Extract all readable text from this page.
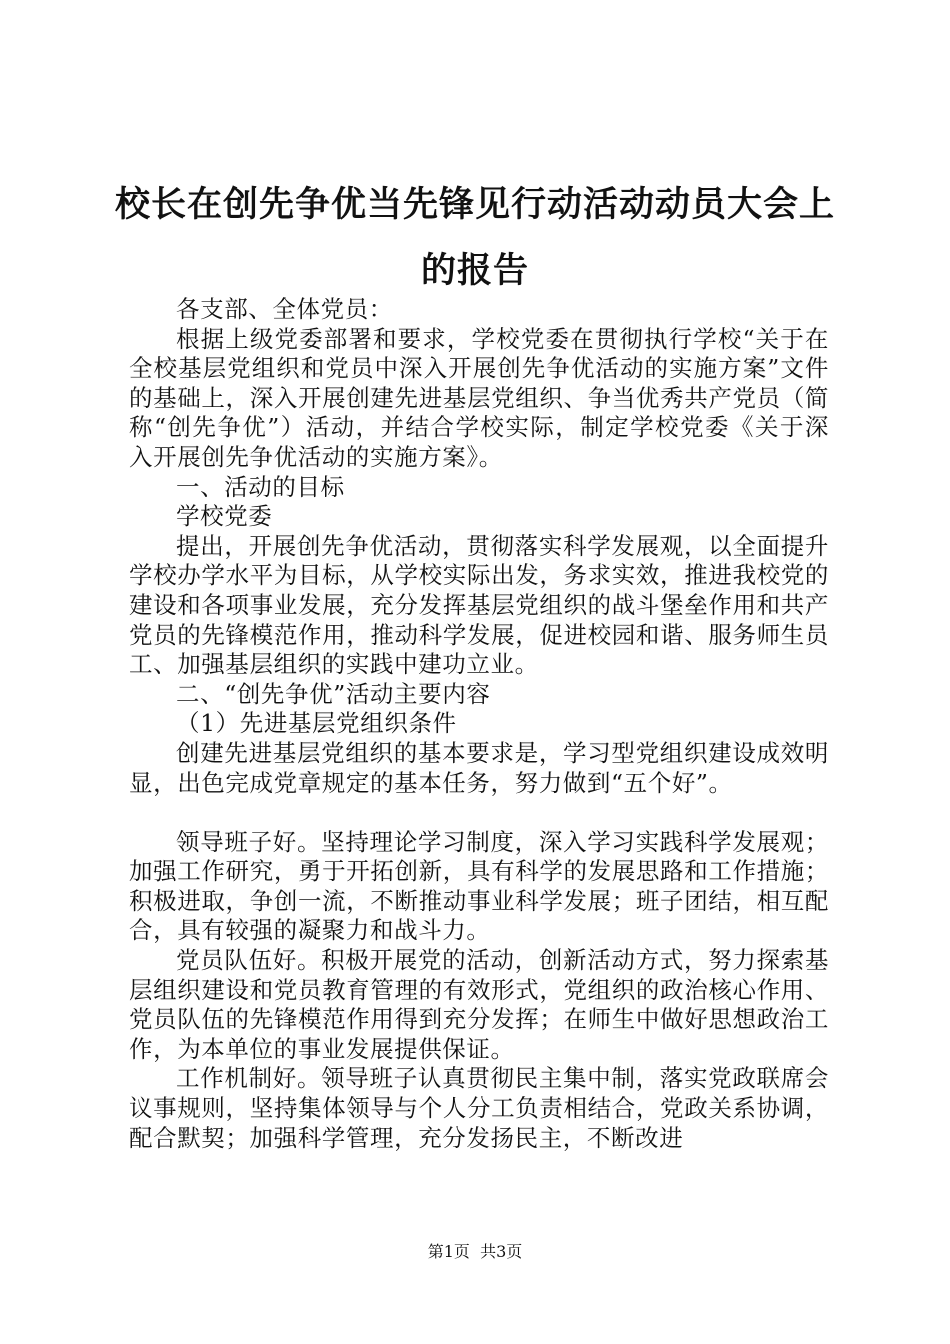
校长在创先争优当先锋见行动活动动员大会上
的报告

各支部、全体党员：

根据上级党委部署和要求，学校党委在贯彻执行学校“关于在全校基层党组织和党员中深入开展创先争优活动的实施方案”文件的基础上，深入开展创建先进基层党组织、争当优秀共产党员（简称“创先争优”）活动，并结合学校实际，制定学校党委《关于深入开展创先争优活动的实施方案》。

一、活动的目标

学校党委

提出，开展创先争优活动，贯彻落实科学发展观，以全面提升学校办学水平为目标，从学校实际出发，务求实效，推进我校党的建设和各项事业发展，充分发挥基层党组织的战斗堡垒作用和共产党员的先锋模范作用，推动科学发展，促进校园和谐、服务师生员工、加强基层组织的实践中建功立业。

二、“创先争优”活动主要内容

（1）先进基层党组织条件

创建先进基层党组织的基本要求是，学习型党组织建设成效明显，出色完成党章规定的基本任务，努力做到“五个好”。

领导班子好。坚持理论学习制度，深入学习实践科学发展观；加强工作研究，勇于开拓创新，具有科学的发展思路和工作措施；积极进取，争创一流，不断推动事业科学发展；班子团结，相互配合，具有较强的凝聚力和战斗力。

党员队伍好。积极开展党的活动，创新活动方式，努力探索基层组织建设和党员教育管理的有效形式，党组织的政治核心作用、党员队伍的先锋模范作用得到充分发挥；在师生中做好思想政治工作，为本单位的事业发展提供保证。

工作机制好。领导班子认真贯彻民主集中制，落实党政联席会议事规则，坚持集体领导与个人分工负责相结合，党政关系协调，配合默契；加强科学管理，充分发扬民主，不断改进

第1页  共3页
